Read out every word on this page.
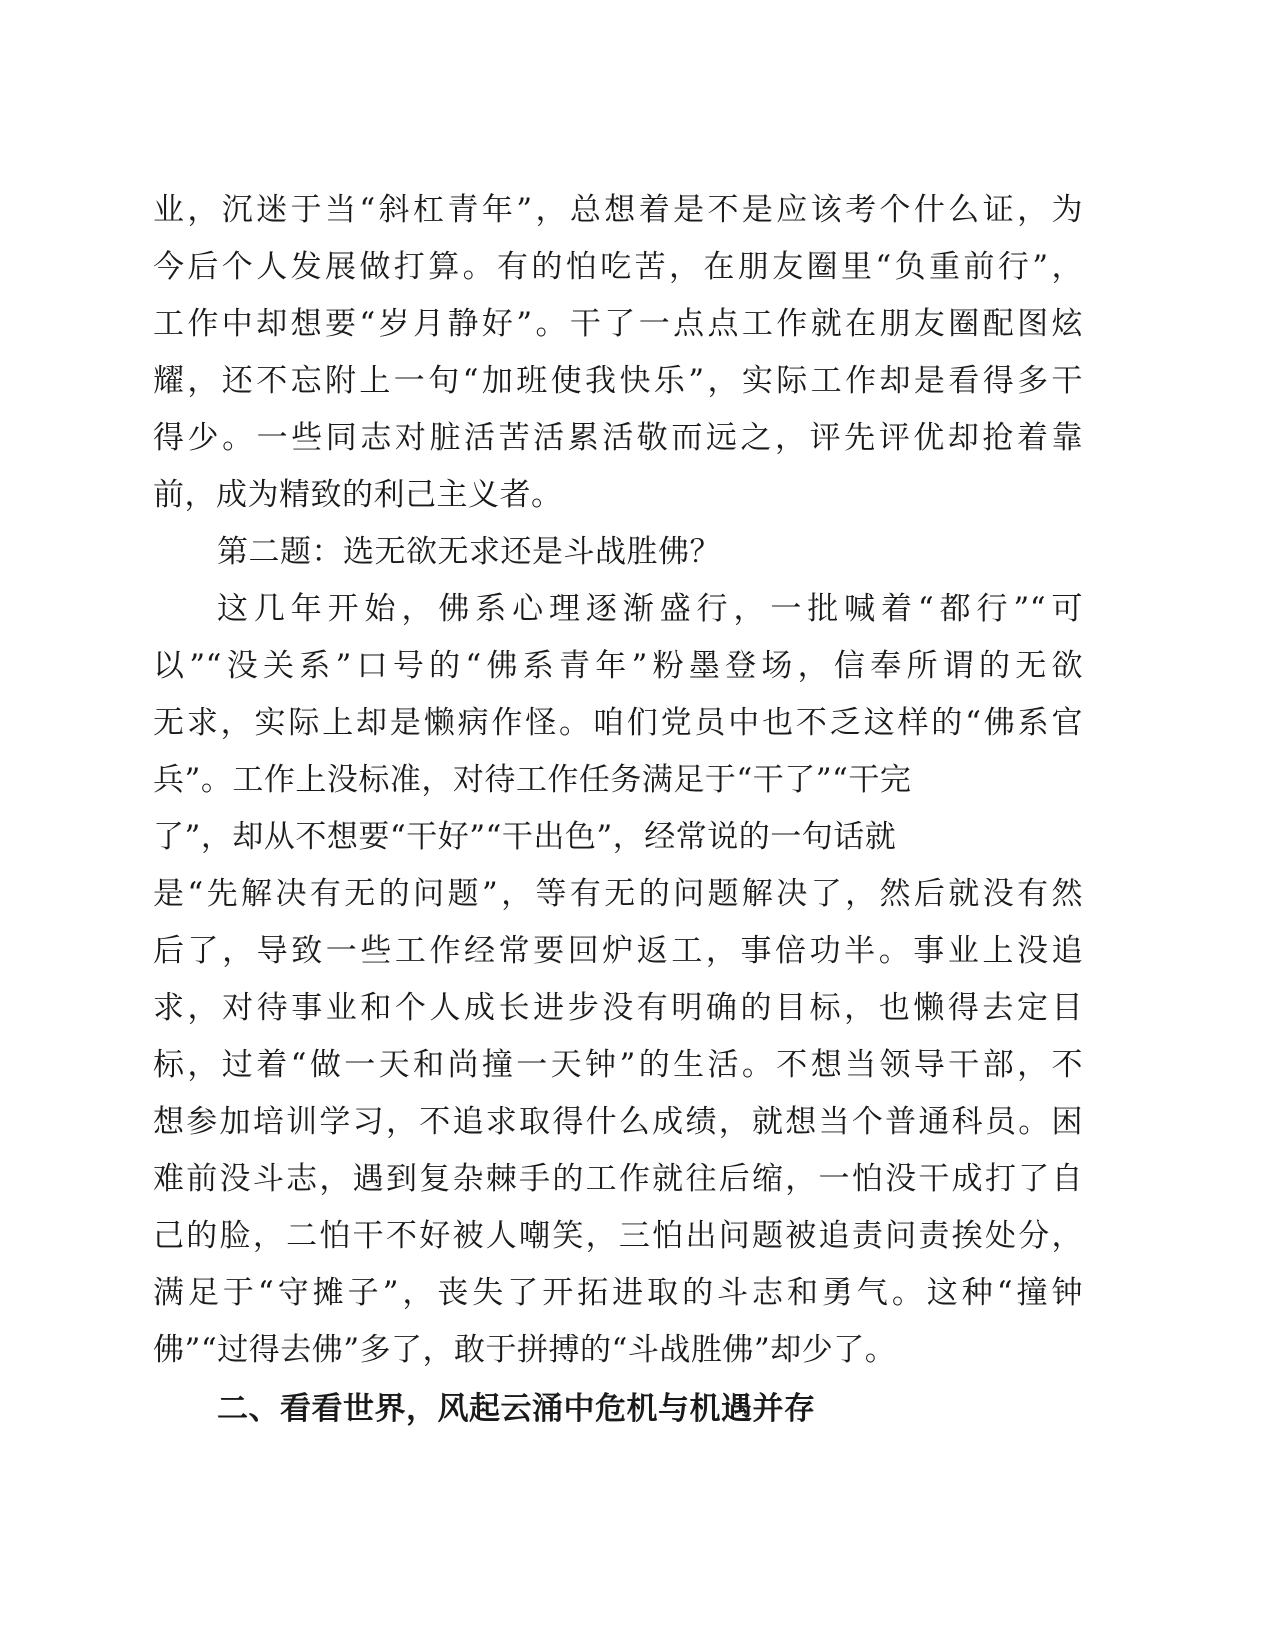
业，沉迷于当“斜杠青年”，总想着是不是应该考个什么证，为
今后个人发展做打算。有的怕吃苦，在朋友圈里“负重前行”，
工作中却想要“岁月静好”。干了一点点工作就在朋友圈配图炫
耀，还不忘附上一句“加班使我快乐”，实际工作却是看得多干
得少。一些同志对脏活苦活累活敬而远之，评先评优却抢着靠
前，成为精致的利己主义者。
第二题：选无欲无求还是斗战胜佛？
这几年开始，佛系心理逐渐盛行，一批喊着“都行”“可
以”“没关系”口号的“佛系青年”粉墨登场，信奉所谓的无欲
无求，实际上却是懒病作怪。咱们党员中也不乏这样的“佛系官
兵”。工作上没标准，对待工作任务满足于“干了”“干完
了”，却从不想要“干好”“干出色”，经常说的一句话就
是“先解决有无的问题”，等有无的问题解决了，然后就没有然
后了，导致一些工作经常要回炉返工，事倍功半。事业上没追
求，对待事业和个人成长进步没有明确的目标，也懒得去定目
标，过着“做一天和尚撞一天钟”的生活。不想当领导干部，不
想参加培训学习，不追求取得什么成绩，就想当个普通科员。困
难前没斗志，遇到复杂棘手的工作就往后缩，一怕没干成打了自
己的脸，二怕干不好被人嘲笑，三怕出问题被追责问责挨处分，
满足于“守摊子”，丧失了开拓进取的斗志和勇气。这种“撞钟
佛”“过得去佛”多了，敢于拼搏的“斗战胜佛”却少了。
二、看看世界，风起云涌中危机与机遇并存
